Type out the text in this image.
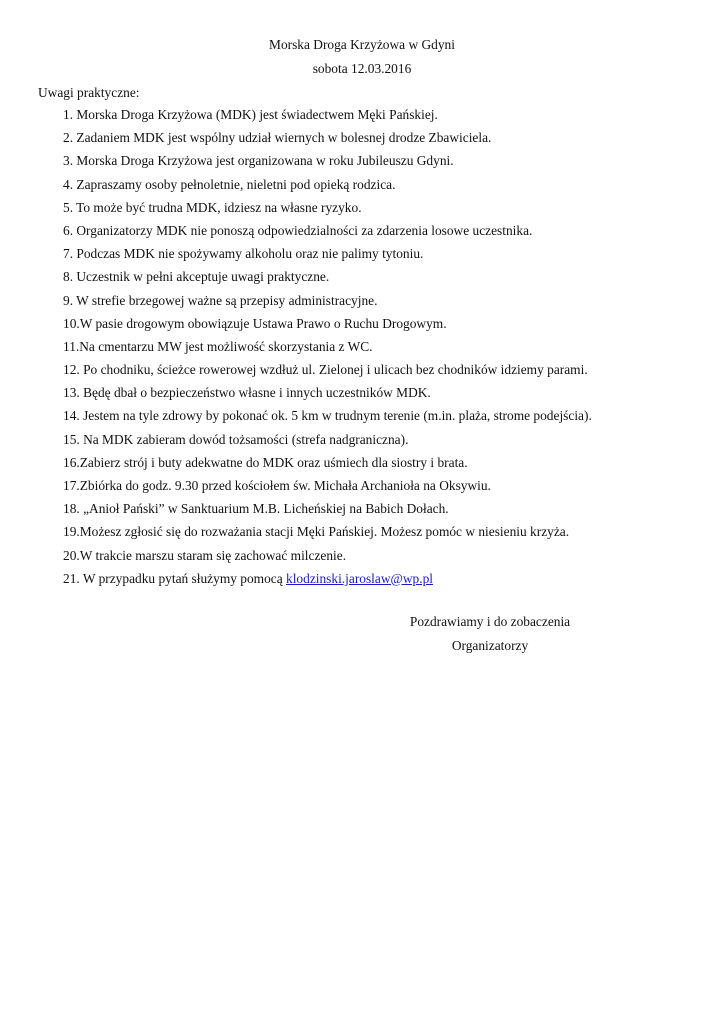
Morska Droga Krzyżowa w Gdyni
sobota 12.03.2016
Uwagi praktyczne:
1. Morska Droga Krzyżowa (MDK) jest świadectwem Męki Pańskiej.
2. Zadaniem MDK jest wspólny udział wiernych w bolesnej drodze Zbawiciela.
3. Morska Droga Krzyżowa jest organizowana w roku Jubileuszu Gdyni.
4. Zapraszamy osoby pełnoletnie, nieletni pod opieką rodzica.
5. To może być trudna MDK, idziesz na własne ryzyko.
6. Organizatorzy MDK nie ponoszą odpowiedzialności za zdarzenia losowe uczestnika.
7. Podczas MDK nie spożywamy alkoholu oraz nie palimy tytoniu.
8. Uczestnik w pełni akceptuje uwagi praktyczne.
9. W strefie brzegowej ważne są przepisy administracyjne.
10.W pasie drogowym obowiązuje Ustawa Prawo o Ruchu Drogowym.
11.Na cmentarzu MW jest możliwość skorzystania z WC.
12. Po chodniku, ścieżce rowerowej wzdłuż ul. Zielonej i ulicach bez chodników idziemy parami.
13. Będę dbał o bezpieczeństwo własne i innych uczestników MDK.
14. Jestem na tyle zdrowy by pokonać ok. 5 km w trudnym terenie (m.in. plaża, strome podejścia).
15. Na MDK zabieram dowód tożsamości (strefa nadgraniczna).
16.Zabierz strój i buty adekwatne do MDK oraz uśmiech dla siostry i brata.
17.Zbiórka do godz. 9.30 przed kościołem św. Michała Archanioła na Oksywiu.
18. „Anioł Pański” w Sanktuarium M.B. Licheńskiej na Babich Dołach.
19.Możesz zgłosić się do rozważania stacji Męki Pańskiej. Możesz pomóc w niesieniu krzyża.
20.W trakcie marszu staram się zachować milczenie.
21. W przypadku pytań służymy pomocą klodzinski.jaroslaw@wp.pl
Pozdrawiamy i do zobaczenia
Organizatorzy
